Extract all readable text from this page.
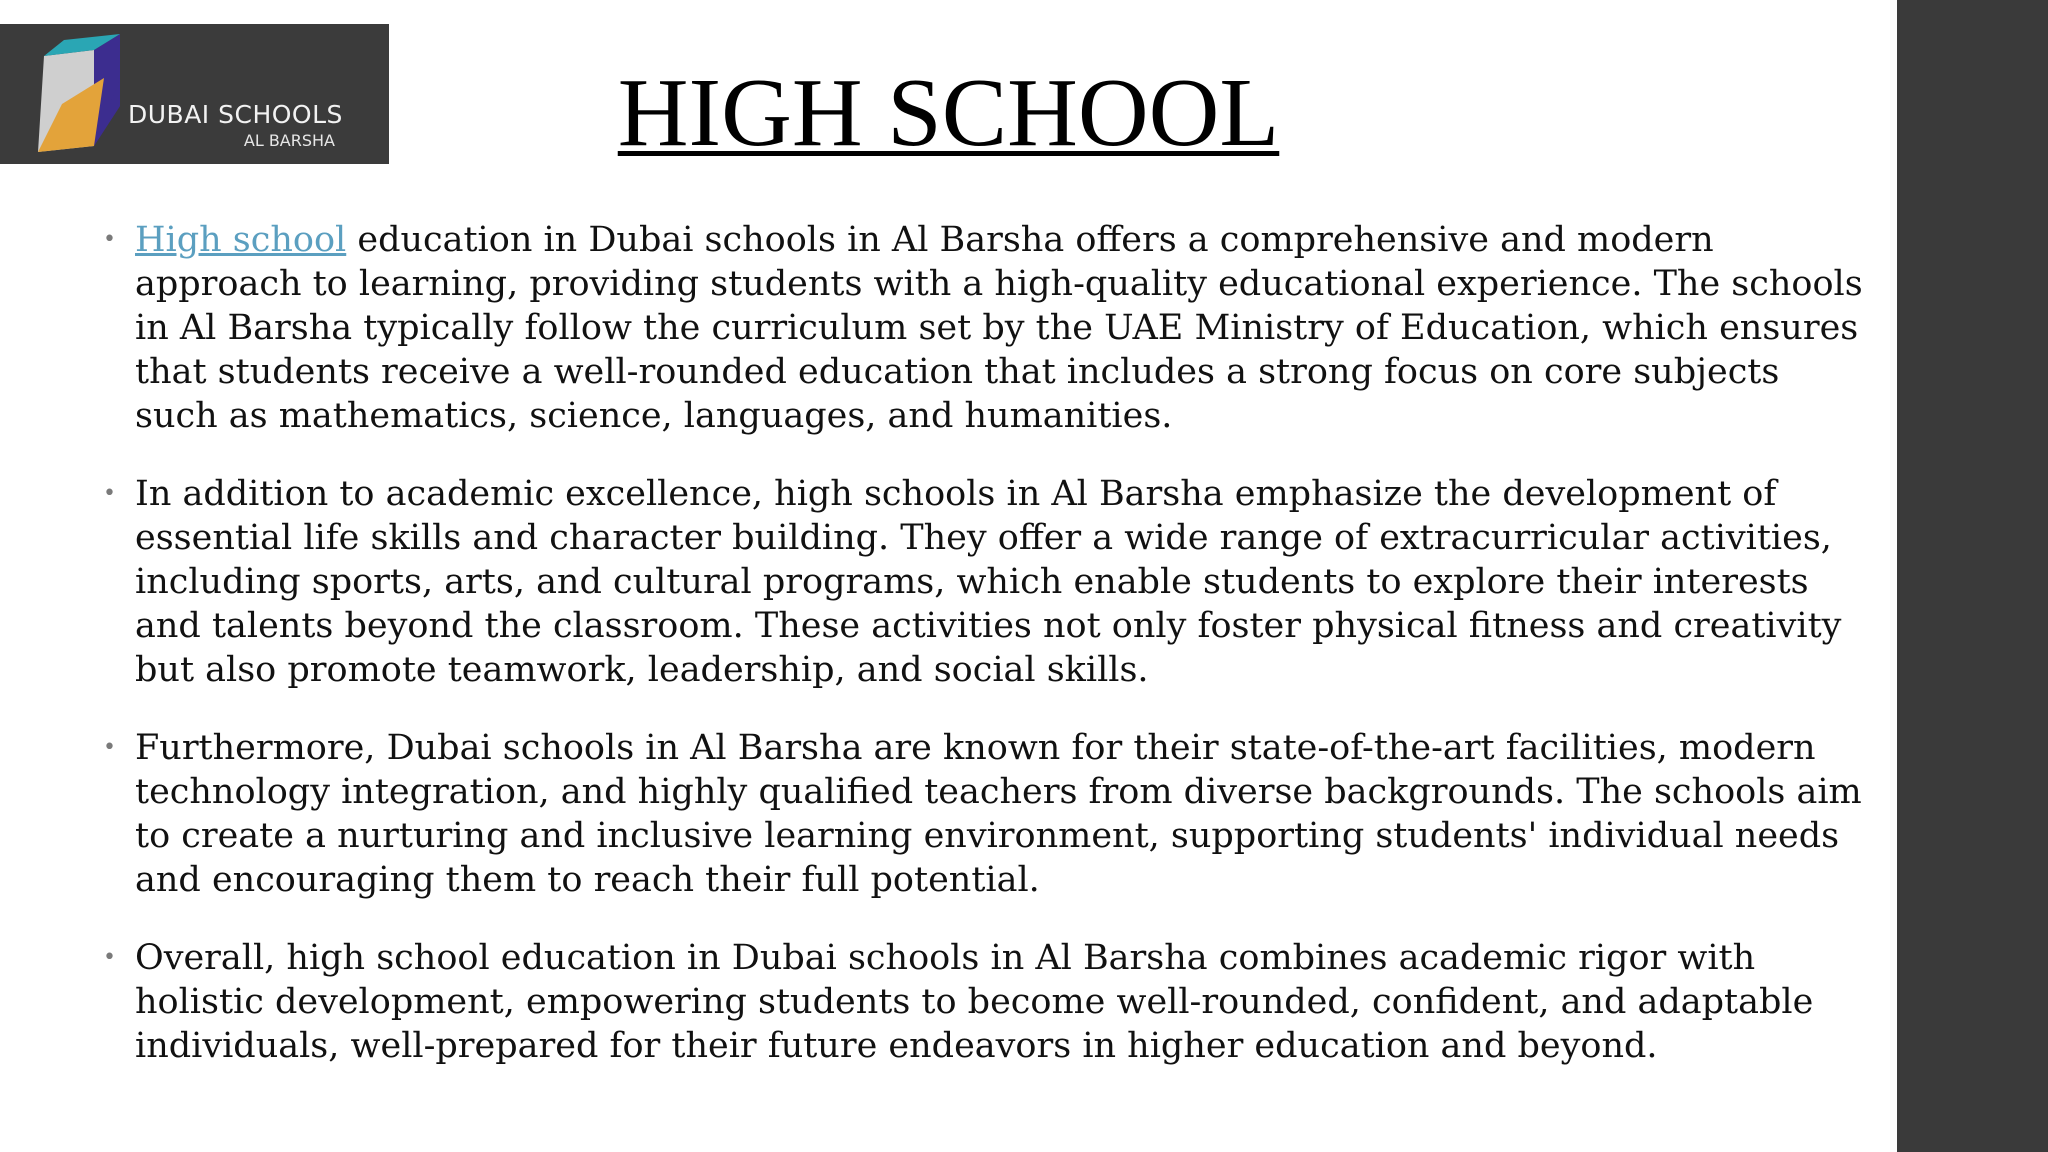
DUBAI SCHOOLS
AL BARSHA	HIGH SCHOOL

• High school education in Dubai schools in Al Barsha offers a comprehensive and modern approach to learning, providing students with a high-quality educational experience. The schools in Al Barsha typically follow the curriculum set by the UAE Ministry of Education, which ensures that students receive a well-rounded education that includes a strong focus on core subjects such as mathematics, science, languages, and humanities.

• In addition to academic excellence, high schools in Al Barsha emphasize the development of essential life skills and character building. They offer a wide range of extracurricular activities, including sports, arts, and cultural programs, which enable students to explore their interests and talents beyond the classroom. These activities not only foster physical fitness and creativity but also promote teamwork, leadership, and social skills.

• Furthermore, Dubai schools in Al Barsha are known for their state-of-the-art facilities, modern technology integration, and highly qualified teachers from diverse backgrounds. The schools aim to create a nurturing and inclusive learning environment, supporting students' individual needs and encouraging them to reach their full potential.

• Overall, high school education in Dubai schools in Al Barsha combines academic rigor with holistic development, empowering students to become well-rounded, confident, and adaptable individuals, well-prepared for their future endeavors in higher education and beyond.
